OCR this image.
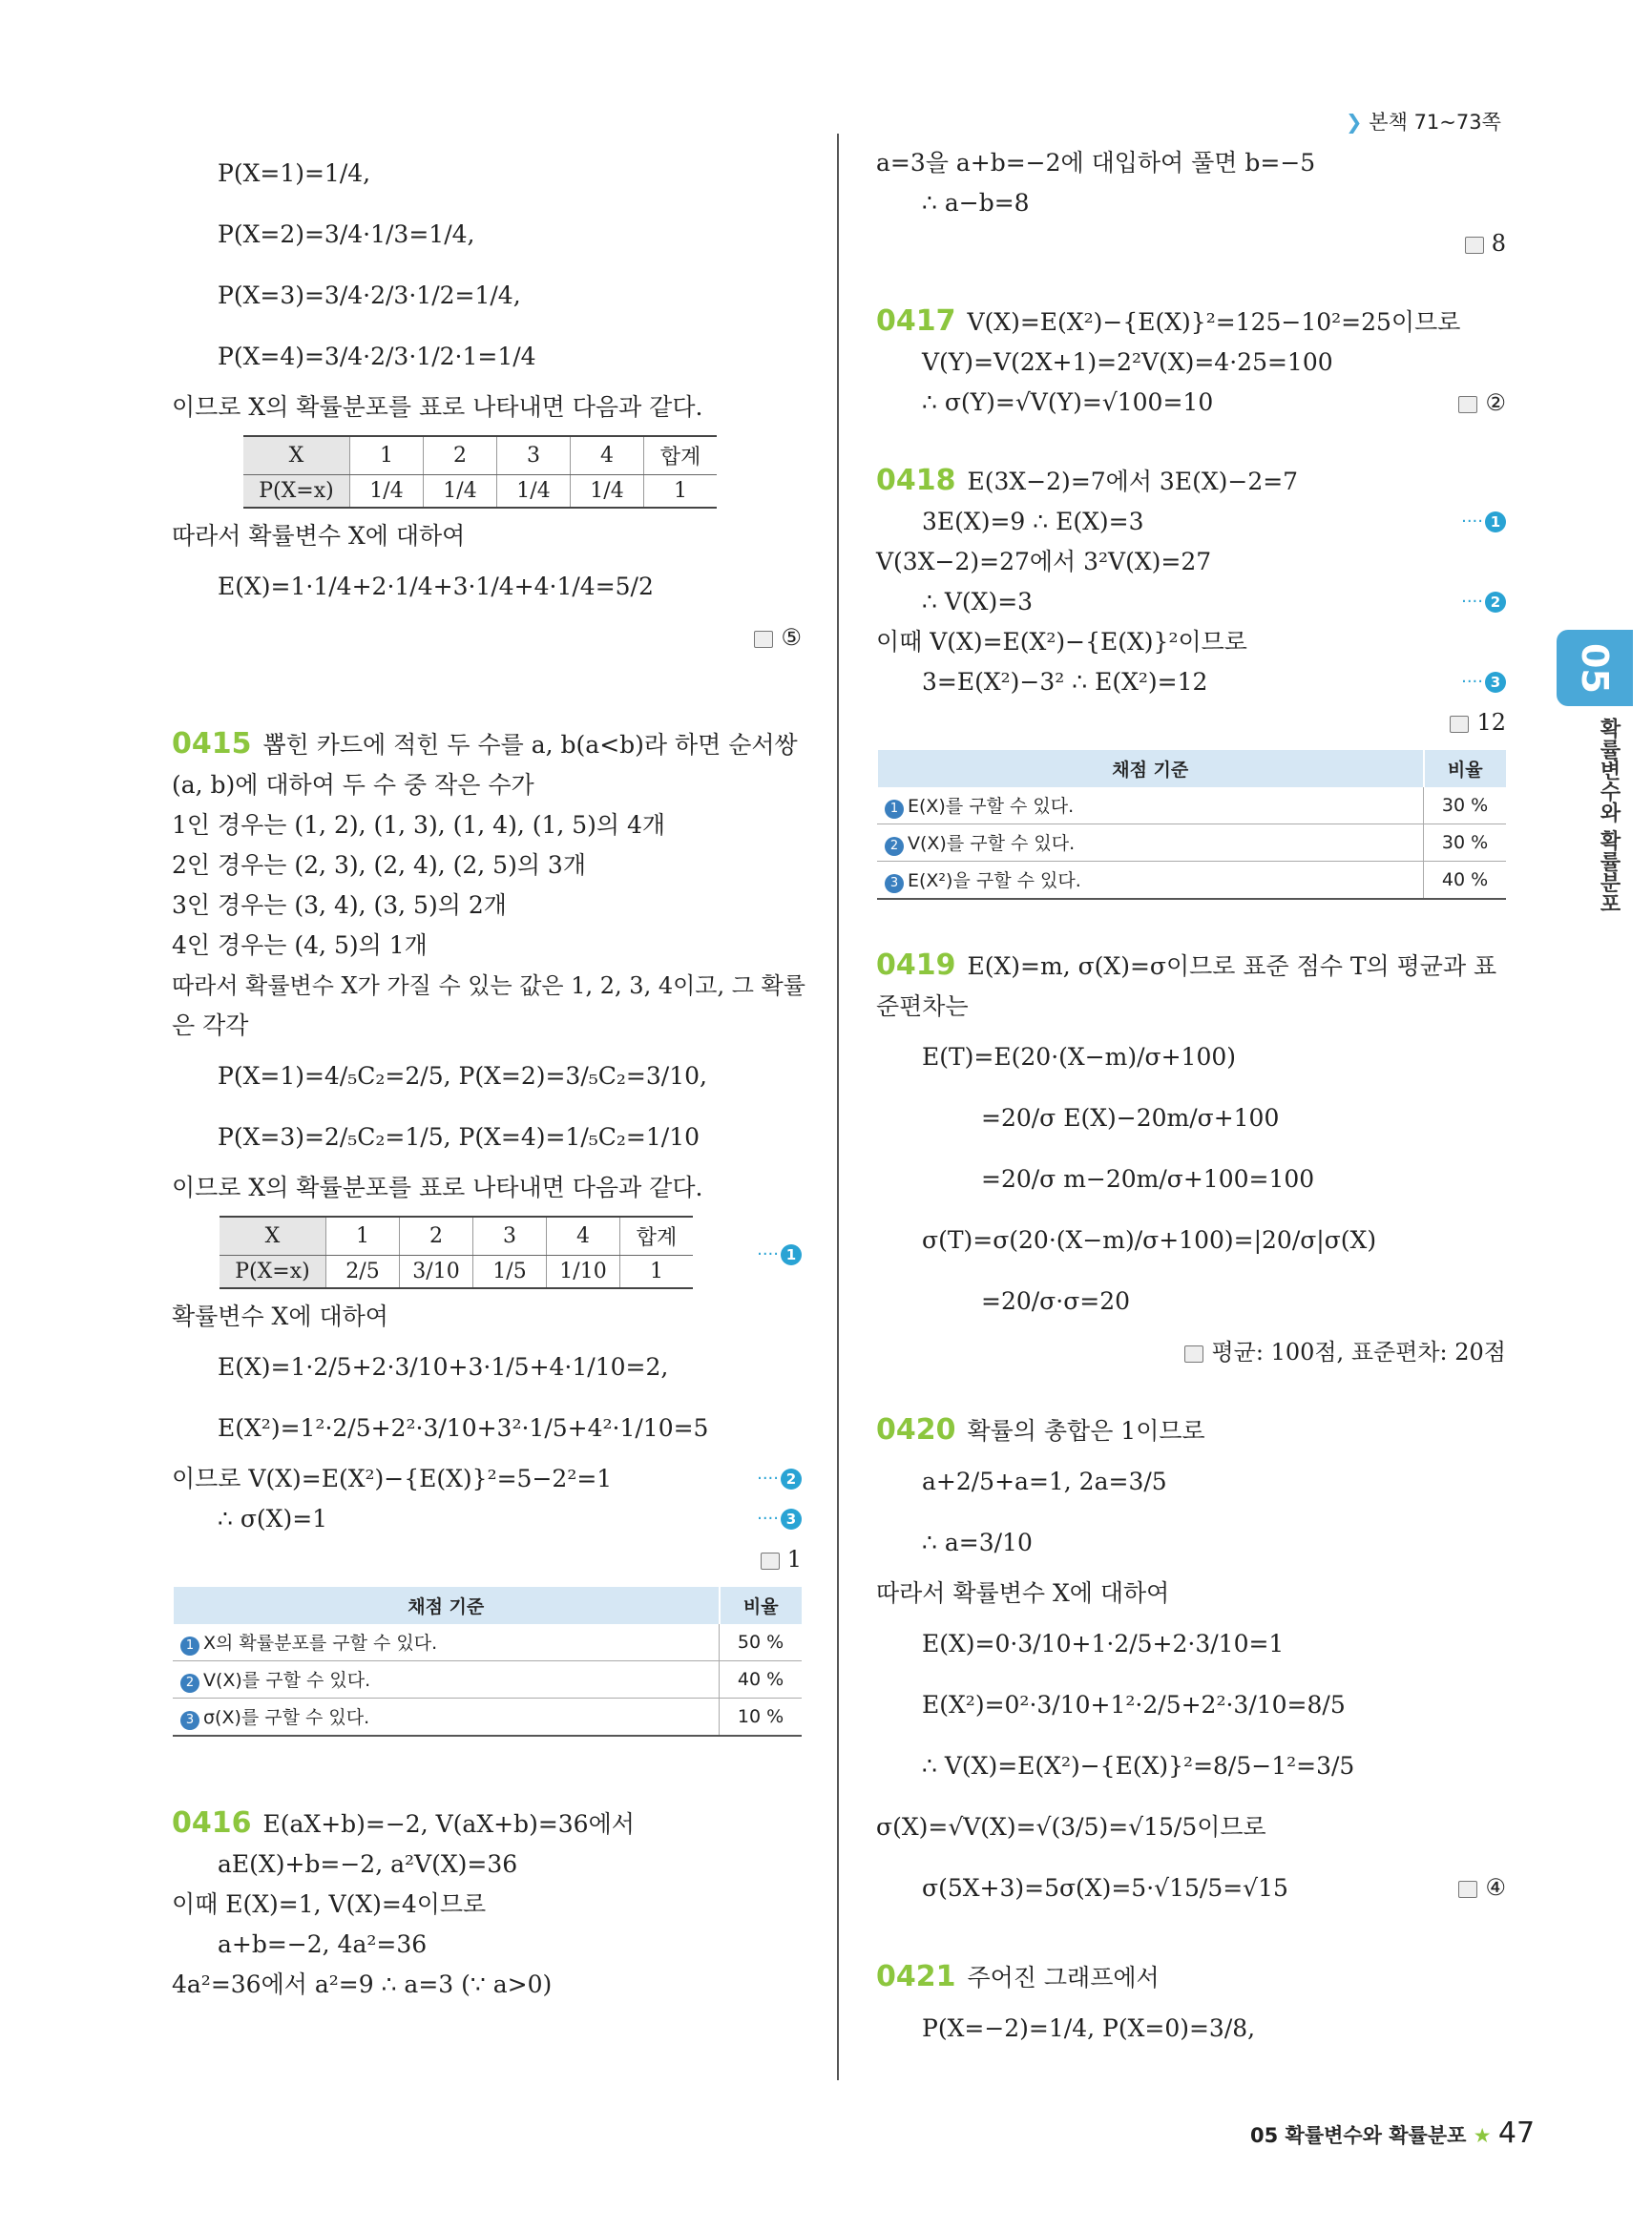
❯ 본책 71~73쪽
P(X=1)=1/4,
P(X=2)=3/4·1/3=1/4,
P(X=3)=3/4·2/3·1/2=1/4,
P(X=4)=3/4·2/3·1/2·1=1/4
이므로 X의 확률분포를 표로 나타내면 다음과 같다.
X	1	2	3	4	합계
P(X=x)	1/4	1/4	1/4	1/4	1
따라서 확률변수 X에 대하여
E(X)=1·1/4+2·1/4+3·1/4+4·1/4=5/2
⑤
0415 뽑힌 카드에 적힌 두 수를 a, b(a<b)라 하면 순서쌍
(a, b)에 대하여 두 수 중 작은 수가
1인 경우는 (1, 2), (1, 3), (1, 4), (1, 5)의 4개
2인 경우는 (2, 3), (2, 4), (2, 5)의 3개
3인 경우는 (3, 4), (3, 5)의 2개
4인 경우는 (4, 5)의 1개
따라서 확률변수 X가 가질 수 있는 값은 1, 2, 3, 4이고, 그 확률
은 각각
P(X=1)=4/₅C₂=2/5, P(X=2)=3/₅C₂=3/10,
P(X=3)=2/₅C₂=1/5, P(X=4)=1/₅C₂=1/10
이므로 X의 확률분포를 표로 나타내면 다음과 같다.
X	1	2	3	4	합계
P(X=x)	2/5	3/10	1/5	1/10	1
···· 1
확률변수 X에 대하여
E(X)=1·2/5+2·3/10+3·1/5+4·1/10=2,
E(X²)=1²·2/5+2²·3/10+3²·1/5+4²·1/10=5
이므로 V(X)=E(X²)−{E(X)}²=5−2²=1	···· 2
∴ σ(X)=1	···· 3
1
채점 기준	비율
1 X의 확률분포를 구할 수 있다.	50 %
2 V(X)를 구할 수 있다.	40 %
3 σ(X)를 구할 수 있다.	10 %
0416 E(aX+b)=−2, V(aX+b)=36에서
aE(X)+b=−2, a²V(X)=36
이때 E(X)=1, V(X)=4이므로
a+b=−2, 4a²=36
4a²=36에서 a²=9 ∴ a=3 (∵ a>0)
a=3을 a+b=−2에 대입하여 풀면 b=−5
∴ a−b=8
8
0417 V(X)=E(X²)−{E(X)}²=125−10²=25이므로
V(Y)=V(2X+1)=2²V(X)=4·25=100
∴ σ(Y)=√V(Y)=√100=10	②
0418 E(3X−2)=7에서 3E(X)−2=7
3E(X)=9 ∴ E(X)=3	···· 1
V(3X−2)=27에서 3²V(X)=27
∴ V(X)=3	···· 2
이때 V(X)=E(X²)−{E(X)}²이므로
3=E(X²)−3² ∴ E(X²)=12	···· 3
12
채점 기준	비율
1 E(X)를 구할 수 있다.	30 %
2 V(X)를 구할 수 있다.	30 %
3 E(X²)을 구할 수 있다.	40 %
0419 E(X)=m, σ(X)=σ이므로 표준 점수 T의 평균과 표
준편차는
E(T)=E(20·(X−m)/σ+100)
=20/σ E(X)−20m/σ+100
=20/σ m−20m/σ+100=100
σ(T)=σ(20·(X−m)/σ+100)=|20/σ|σ(X)
=20/σ·σ=20
평균: 100점, 표준편차: 20점
0420 확률의 총합은 1이므로
a+2/5+a=1, 2a=3/5
∴ a=3/10
따라서 확률변수 X에 대하여
E(X)=0·3/10+1·2/5+2·3/10=1
E(X²)=0²·3/10+1²·2/5+2²·3/10=8/5
∴ V(X)=E(X²)−{E(X)}²=8/5−1²=3/5
σ(X)=√V(X)=√(3/5)=√15/5이므로
σ(5X+3)=5σ(X)=5·√15/5=√15	④
0421 주어진 그래프에서
P(X=−2)=1/4, P(X=0)=3/8,
05
확률변수와 확률분포
05 확률변수와 확률분포 ★ 47
